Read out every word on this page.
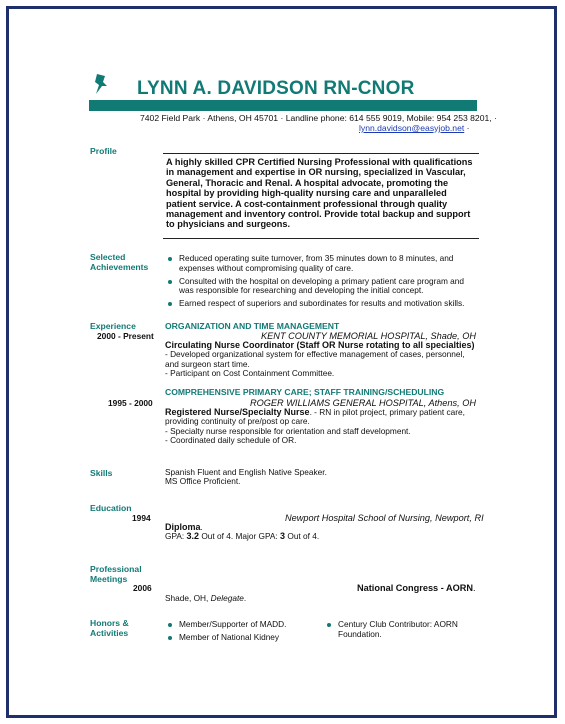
LYNN A. DAVIDSON RN-CNOR
7402 Field Park · Athens, OH 45701 · Landline phone: 614 555 9019, Mobile: 954 253 8201, ·
lynn.davidson@easyjob.net ·
Profile
A highly skilled CPR Certified Nursing Professional with qualifications in management and expertise in OR nursing, specialized in Vascular, General, Thoracic and Renal. A hospital advocate, promoting the hospital by providing high-quality nursing care and unparalleled patient service. A cost-containment professional through quality management and inventory control. Provide total backup and support to physicians and surgeons.
Selected
Achievements
Reduced operating suite turnover, from 35 minutes down to 8 minutes, and expenses without compromising quality of care.
Consulted with the hospital on developing a primary patient care program and was responsible for researching and developing the initial concept.
Earned respect of superiors and subordinates for results and motivation skills.
Experience
2000 - Present
ORGANIZATION AND TIME MANAGEMENT
KENT COUNTY MEMORIAL HOSPITAL, Shade, OH
Circulating Nurse Coordinator (Staff OR Nurse rotating to all specialties)
- Developed organizational system for effective management of cases, personnel, and surgeon start time.
- Participant on Cost Containment Committee.
COMPREHENSIVE PRIMARY CARE; STAFF TRAINING/SCHEDULING
1995 - 2000	ROGER WILLIAMS GENERAL HOSPITAL, Athens, OH
Registered Nurse/Specialty Nurse. - RN in pilot project, primary patient care, providing continuity of pre/post op care.
- Specialty nurse responsible for orientation and staff development.
- Coordinated daily schedule of OR.
Skills	Spanish Fluent and English Native Speaker.
MS Office Proficient.
Education
1994	Newport Hospital School of Nursing, Newport, RI
Diploma.
GPA: 3.2 Out of 4. Major GPA: 3 Out of 4.
Professional
Meetings
2006	National Congress - AORN.
Shade, OH, Delegate.
Honors &
Activities
Member/Supporter of MADD.
Member of National Kidney
Century Club Contributor: AORN Foundation.
